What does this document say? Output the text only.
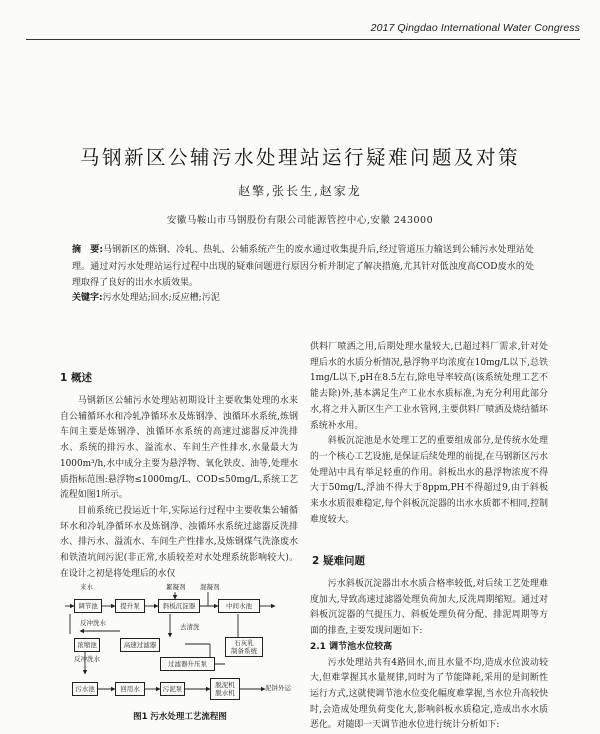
2017 Qingdao International Water Congress
马钢新区公辅污水处理站运行疑难问题及对策
赵擎,张长生,赵家龙
安徽马鞍山市马钢股份有限公司能源管控中心,安徽 243000
摘　要:马钢新区的炼钢、冷轧、热轧、公辅系统产生的废水通过收集提升后,经过管道压力输送到公辅污水处理站处理。通过对污水处理站运行过程中出现的疑难问题进行原因分析并制定了解决措施,尤其针对低浊度高COD废水的处理取得了良好的出水水质效果。
关键字:污水处理站;回水;反应槽;污泥
1 概述

马钢新区公辅污水处理站初期设计主要收集处理的水来自公辅循环水和冷轧净循环水及炼钢净、浊循环水系统,炼钢车间主要是炼钢净、浊循环水系统的高速过滤器反冲洗排水、系统的排污水、溢流水、车间生产性排水,水量最大为1000m³/h,水中成分主要为悬浮物、氧化铁皮、油等,处理水质指标范围:悬浮物≤1000mg/L、COD≤50mg/L,系统工艺流程如图1所示。

目前系统已投运近十年,实际运行过程中主要收集公辅循环水和冷轧净循环水及炼钢净、浊循环水系统过滤器反洗排水、排污水、溢流水、车间生产性排水,及炼钢煤气洗涤废水和铁渣坑间污泥(非正常,水质较差对水处理系统影响较大)。在设计之初是将处理后的水仅

供料厂喷洒之用,后期处理水量较大,已超过料厂需求,针对处理后水的水质分析情况,悬浮物平均浓度在10mg/L以下,总铁1mg/L以下,pH在8.5左右,除电导率较高(该系统处理工艺不能去除)外,基本满足生产工业水水质标准,为充分利用此部分水,将之并入新区生产工业水管网,主要供料厂喷洒及烧结循环系统补水用。

斜板沉淀池是水处理工艺的重要组成部分,是传统水处理的一个核心工艺设施,是保证后续处理的前提,在马钢新区污水处理站中具有举足轻重的作用。斜板出水的悬浮物浓度不得大于50mg/L,浮油不得大于8ppm,PH不得超过9,由于斜板来水水质很难稳定,每个斜板沉淀器的出水水质都不相同,控制难度较大。

2 疑难问题

污水斜板沉淀器出水水质合格率较低,对后续工艺处理难度加大,导致高速过滤器处理负荷加大,反洗周期缩短。通过对斜板沉淀器的气提压力、斜板处理负荷分配、排泥周期等方面的排查,主要发现问题如下:

2.1 调节池水位较高

污水处理站共有4路回水,而且水量不均,造成水位波动较大,但难掌握其水量规律,同时为了节能降耗,采用的是间断性运行方式,这就使调节池水位变化幅度难掌握,当水位升高较快时,会造成处理负荷变化大,影响斜板水质稳定,造成出水水质恶化。对随即一天调节池水位进行统计分析如下:

来水	絮凝剂 混凝剂
调节池	提升泵	斜板沉淀器	中间水池
反冲洗水	去清洗
浓缩池	高速过滤器	石灰乳
制备系统
反冲洗水
过滤器升压泵
污水池	回用水	污泥泵	脱泥机
脱水机
泥饼外运
图1 污水处理工艺流程图
